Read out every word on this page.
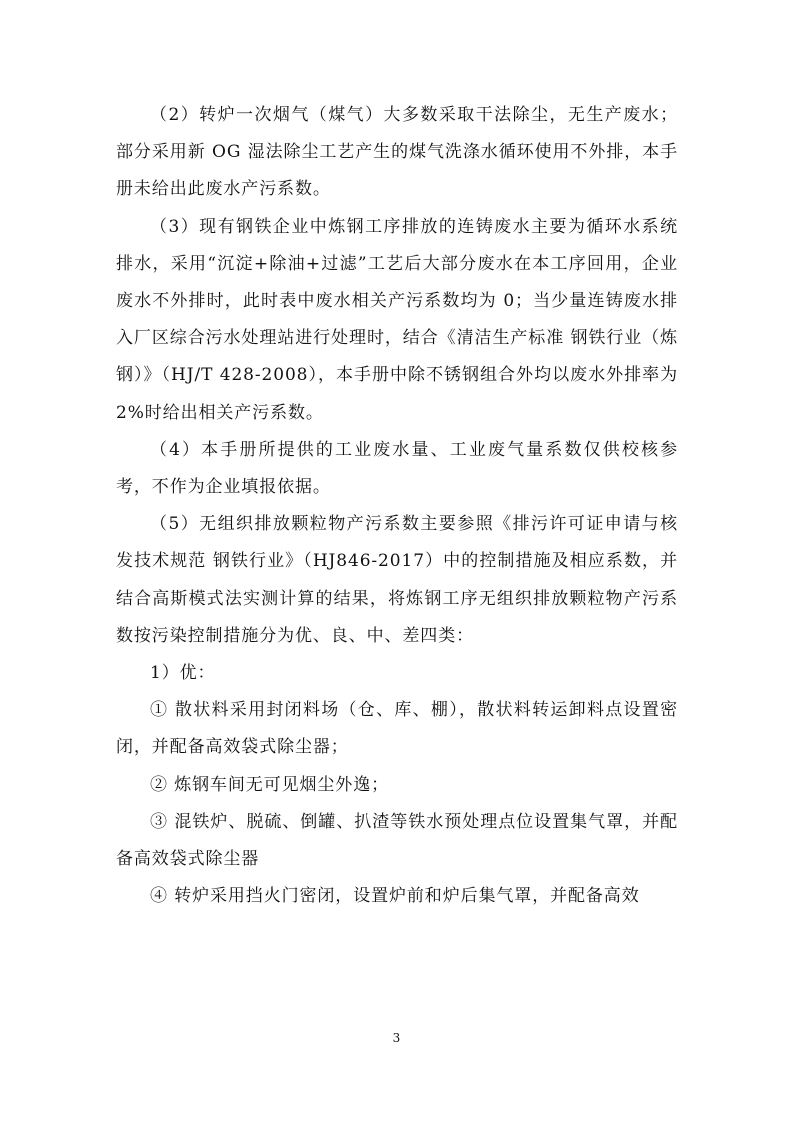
（2）转炉一次烟气（煤气）大多数采取干法除尘，无生产废水；部分采用新 OG 湿法除尘工艺产生的煤气洗涤水循环使用不外排，本手册未给出此废水产污系数。

（3）现有钢铁企业中炼钢工序排放的连铸废水主要为循环水系统排水，采用“沉淀+除油+过滤”工艺后大部分废水在本工序回用，企业废水不外排时，此时表中废水相关产污系数均为 0；当少量连铸废水排入厂区综合污水处理站进行处理时，结合《清洁生产标准 钢铁行业（炼钢）》（HJ/T 428-2008），本手册中除不锈钢组合外均以废水外排率为 2%时给出相关产污系数。

（4）本手册所提供的工业废水量、工业废气量系数仅供校核参考，不作为企业填报依据。

（5）无组织排放颗粒物产污系数主要参照《排污许可证申请与核发技术规范 钢铁行业》（HJ846-2017）中的控制措施及相应系数，并结合高斯模式法实测计算的结果，将炼钢工序无组织排放颗粒物产污系数按污染控制措施分为优、良、中、差四类：

1）优：

① 散状料采用封闭料场（仓、库、棚），散状料转运卸料点设置密闭，并配备高效袋式除尘器；

② 炼钢车间无可见烟尘外逸；

③ 混铁炉、脱硫、倒罐、扒渣等铁水预处理点位设置集气罩，并配备高效袋式除尘器

④ 转炉采用挡火门密闭，设置炉前和炉后集气罩，并配备高效

3
